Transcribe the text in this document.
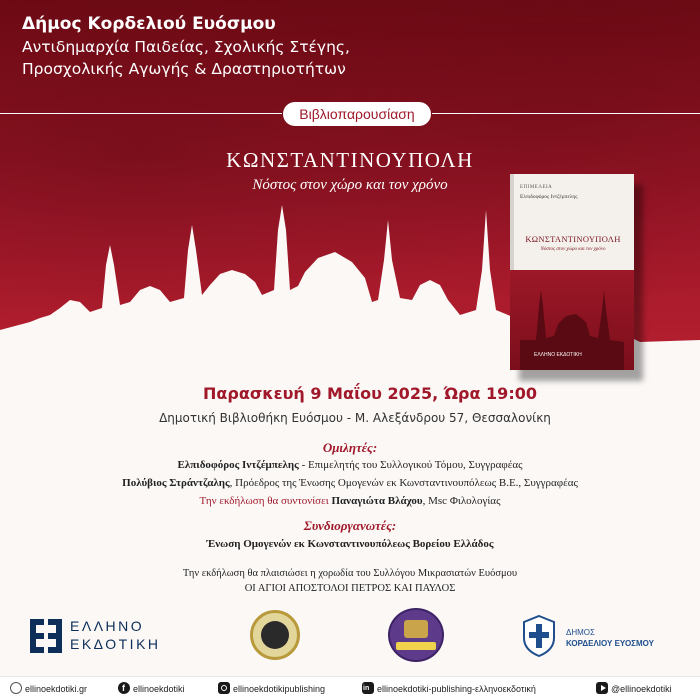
Δήμος Κορδελιού Ευόσμου
Αντιδημαρχία Παιδείας, Σχολικής Στέγης,
Προσχολικής Αγωγής & Δραστηριοτήτων
Βιβλιοπαρουσίαση
ΚΩΝΣΤΑΝΤΙΝΟΥΠΟΛΗ
Νόστος στον χώρο και τον χρόνο	ΕΠΙΜΕΛΕΙΑ
Ελπιδοφόρος Ιντζέμπελης
ΚΩΝΣΤΑΝΤΙΝΟΥΠΟΛΗ
Νόστος στον χώρο και τον χρόνο
ΕΛΛΗΝΟ ΕΚΔΟΤΙΚΗ
Παρασκευή 9 Μαΐου 2025, Ώρα 19:00
Δημοτική Βιβλιοθήκη Ευόσμου - Μ. Αλεξάνδρου 57, Θεσσαλονίκη
Ομιλητές:
Ελπιδοφόρος Ιντζέμπελης - Επιμελητής του Συλλογικού Τόμου, Συγγραφέας
Πολύβιος Στράντζαλης, Πρόεδρος της Ένωσης Ομογενών εκ Κωνσταντινουπόλεως Β.Ε., Συγγραφέας
Την εκδήλωση θα συντονίσει Παναγιώτα Βλάχου, Msc Φιλολογίας
Συνδιοργανωτές:
Ένωση Ομογενών εκ Κωνσταντινουπόλεως Βορείου Ελλάδος
Την εκδήλωση θα πλαισιώσει η χορωδία του Συλλόγου Μικρασιατών Ευόσμου
ΟΙ ΑΓΙΟΙ ΑΠΟΣΤΟΛΟΙ ΠΕΤΡΟΣ ΚΑΙ ΠΑΥΛΟΣ
ΕΛΛΗΝΟ
ΕΚΔΟΤΙΚΗ
ΔΗΜΟΣ
ΚΟΡΔΕΛΙΟΥ ΕΥΟΣΜΟΥ
ellinoekdotiki.gr f	ellinoekdotiki	ellinoekdotikipublishing in	ellinoekdotiki-publishing-ελληνοεκδοτική	@ellinoekdotiki
